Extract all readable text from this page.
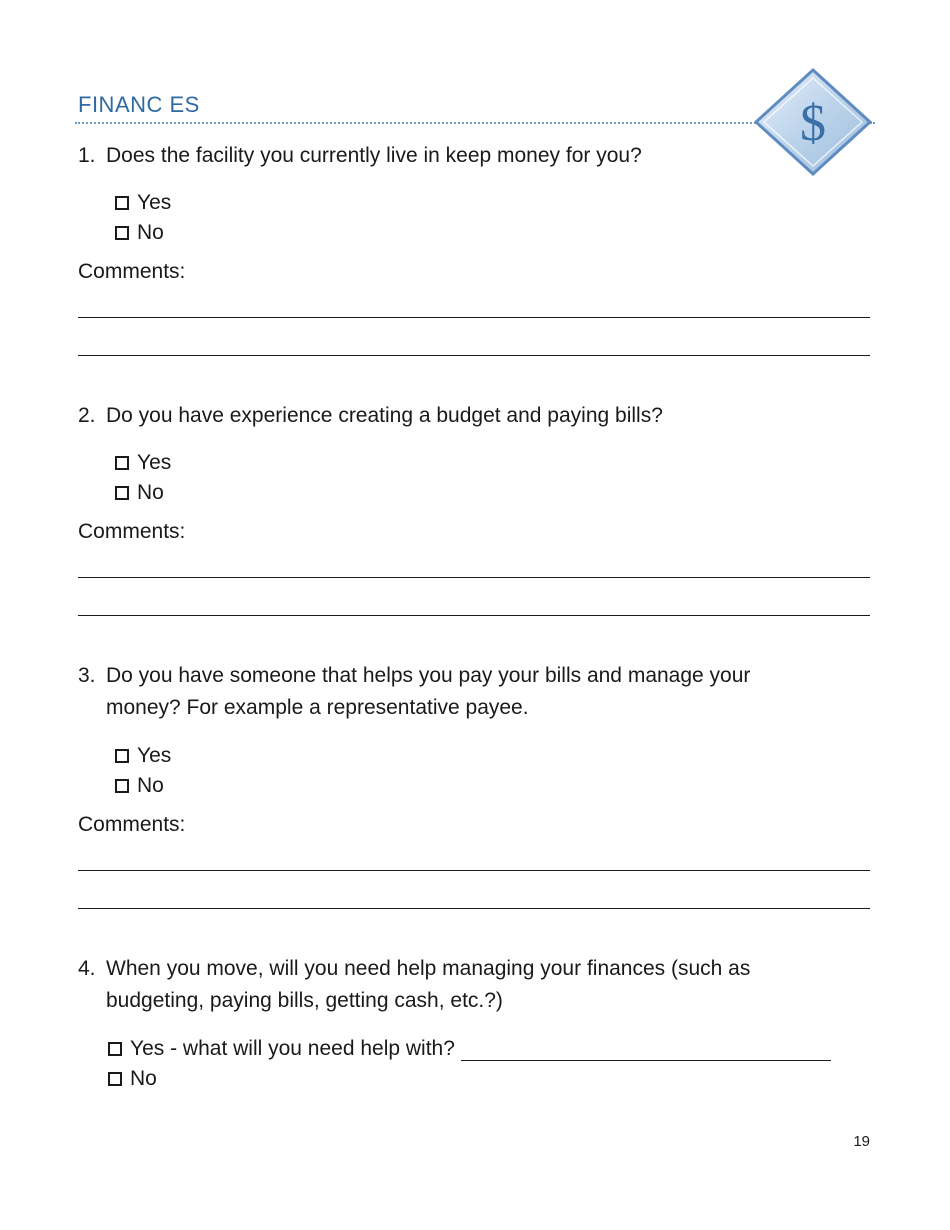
FINANC ES	$
1. Does the facility you currently live in keep money for you?
Yes
No
Comments:
2. Do you have experience creating a budget and paying bills?
Yes
No
Comments:
3. Do you have someone that helps you pay your bills and manage your money? For example a representative payee.
Yes
No
Comments:
4. When you move, will you need help managing your finances (such as budgeting, paying bills, getting cash, etc.?)
Yes - what will you need help with?
No
19
